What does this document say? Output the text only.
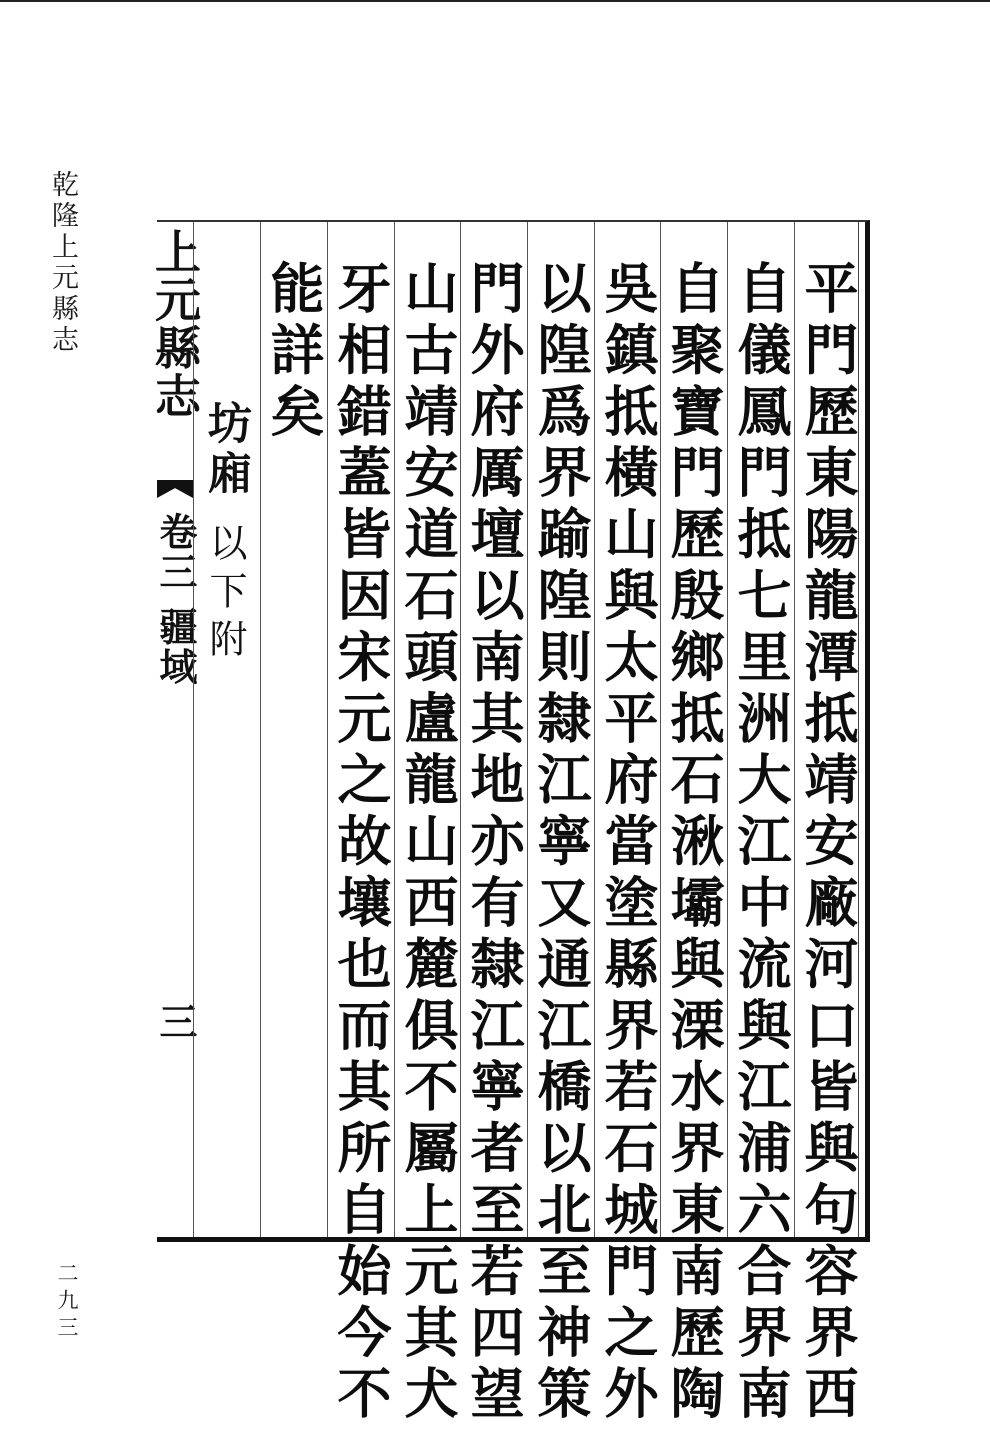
乾隆上元縣志 上元縣志
卷三 疆域
三
坊廂 以下附	平門歷東陽龍潭抵靖安廠河口皆與句容界西
自儀鳳門抵七里洲大江中流與江浦六合界南
自聚寶門歷殷鄉抵石湫壩與溧水界東南歷陶
吳鎮抵橫山與太平府當塗縣界若石城門之外
以隍爲界踰隍則隸江寧又通江橋以北至神策
門外府厲壇以南其地亦有隸江寧者至若四望
山古靖安道石頭盧龍山西麓俱不屬上元其犬
牙相錯蓋皆因宋元之故壤也而其所自始今不
能詳矣
二九三
